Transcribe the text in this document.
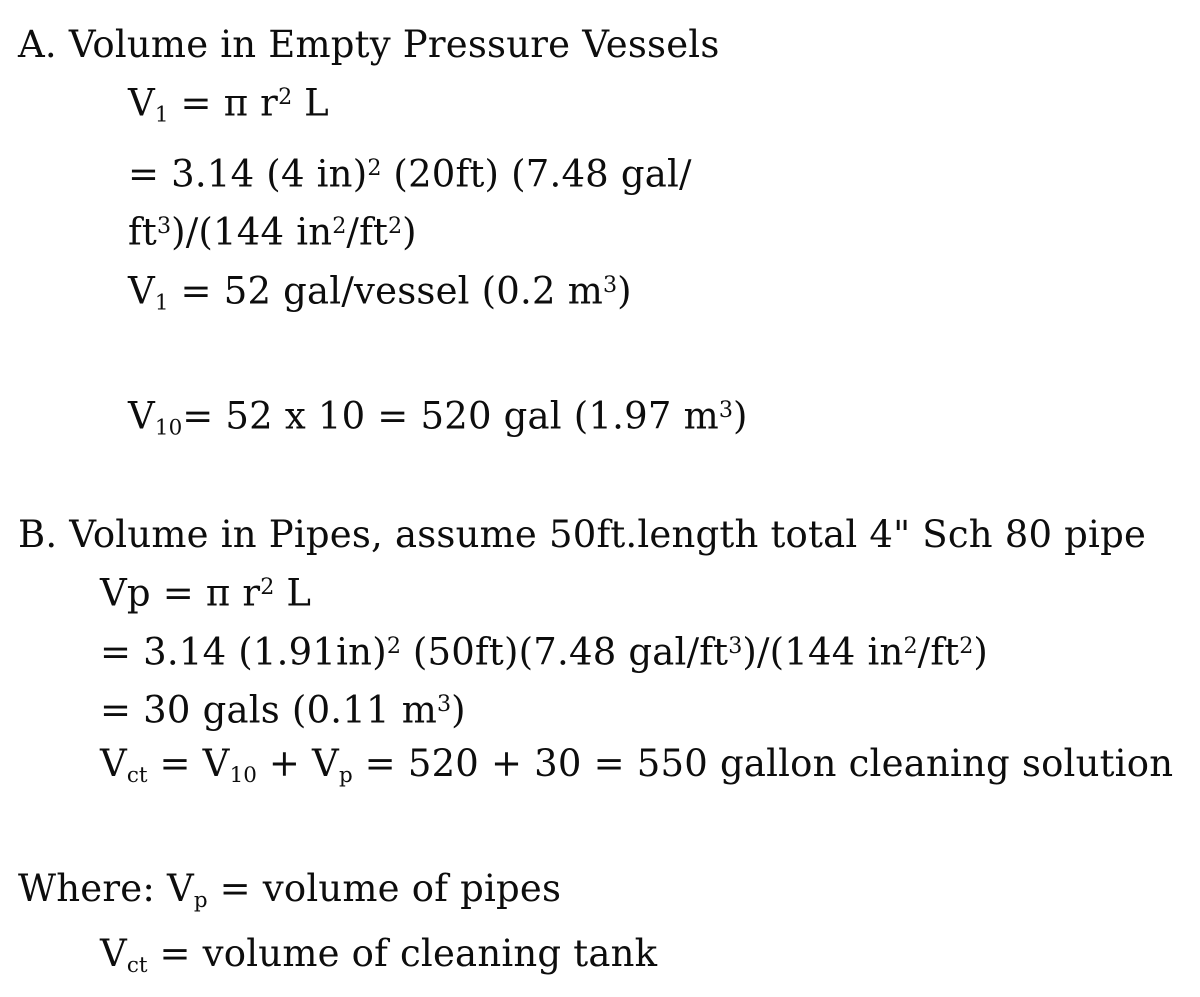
A. Volume in Empty Pressure Vessels
$V_1 = \pi$ $r^2$ L
= 3.14 (4 in)$^2$ (20ft) (7.48 gal/
$ft^3)/(144$ $in^2/ft^2$)
$V_1 = 52$ gal/vessel (0.2 $m^3$)
$V_{10}= 52$ x 10 = 520 gal (1.97 $m^3$)
B. Volume in Pipes, assume 50ft.length total 4" Sch 80 pipe
Vp = π $r^2$ L
= 3.14 $(1.91in)^2$ (50ft)(7.48 gal/$ft^3)/(144$ $in^2/ft^2$)
= 30 gals (0.11 $m^3$)
$V_{ct} = V_{10} + V_p = 520 + 30 = 550$ gallon cleaning solution
Where: $V_p$ = volume of pipes
$V_{ct}$ = volume of cleaning tank
